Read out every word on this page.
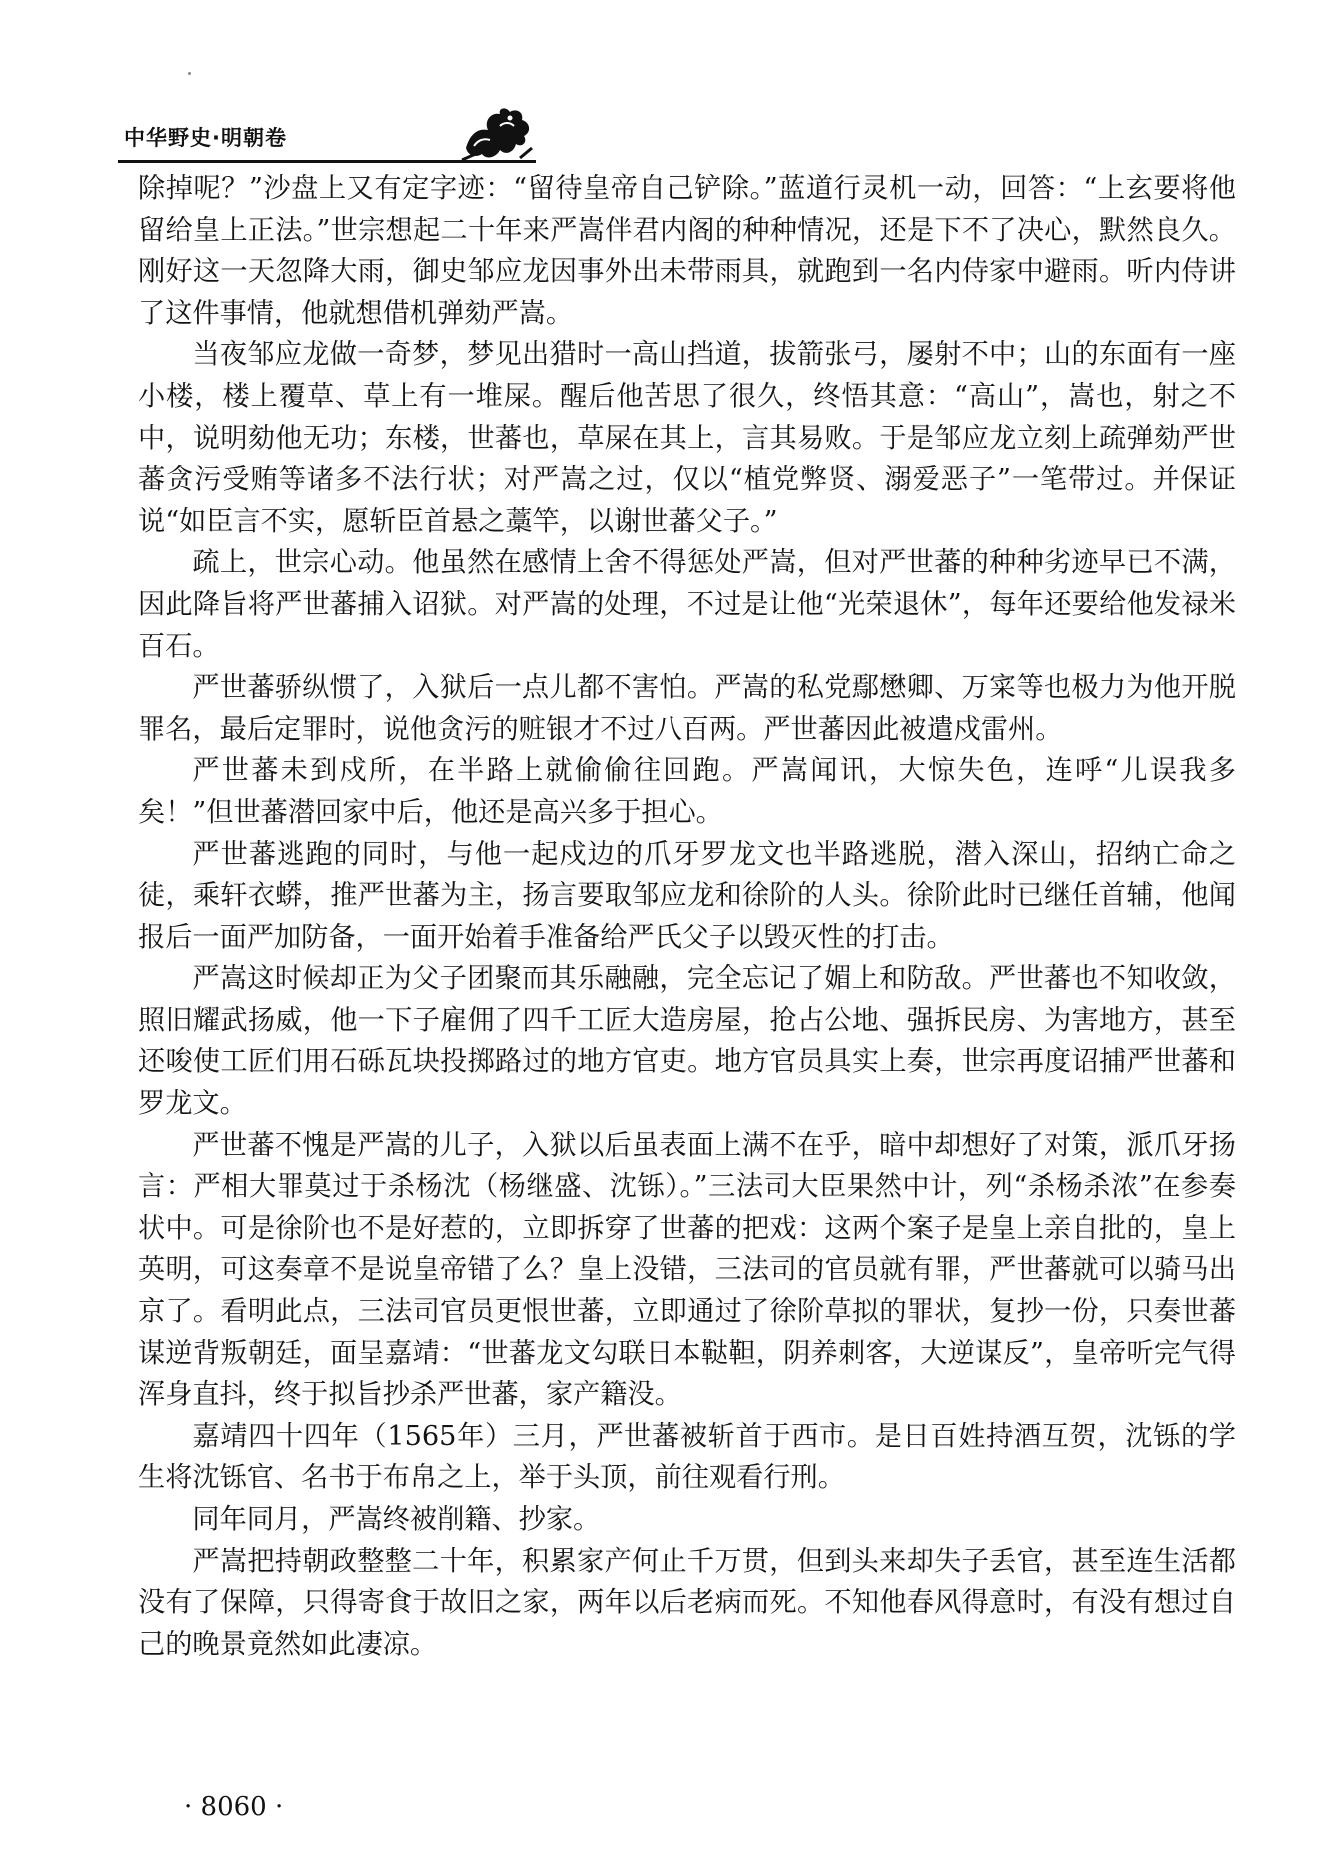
中华野史·明朝卷

除掉呢？”沙盘上又有定字迹：“留待皇帝自己铲除。”蓝道行灵机一动，回答：“上玄要将他留给皇上正法。”世宗想起二十年来严嵩伴君内阁的种种情况，还是下不了决心，默然良久。刚好这一天忽降大雨，御史邹应龙因事外出未带雨具，就跑到一名内侍家中避雨。听内侍讲了这件事情，他就想借机弹劾严嵩。

当夜邹应龙做一奇梦，梦见出猎时一高山挡道，拔箭张弓，屡射不中；山的东面有一座小楼，楼上覆草、草上有一堆屎。醒后他苦思了很久，终悟其意：“高山”，嵩也，射之不中，说明劾他无功；东楼，世蕃也，草屎在其上，言其易败。于是邹应龙立刻上疏弹劾严世蕃贪污受贿等诸多不法行状；对严嵩之过，仅以“植党弊贤、溺爱恶子”一笔带过。并保证说“如臣言不实，愿斩臣首悬之藁竿，以谢世蕃父子。”

疏上，世宗心动。他虽然在感情上舍不得惩处严嵩，但对严世蕃的种种劣迹早已不满，因此降旨将严世蕃捕入诏狱。对严嵩的处理，不过是让他“光荣退休”，每年还要给他发禄米百石。

严世蕃骄纵惯了，入狱后一点儿都不害怕。严嵩的私党鄢懋卿、万寀等也极力为他开脱罪名，最后定罪时，说他贪污的赃银才不过八百两。严世蕃因此被遣戍雷州。

严世蕃未到戍所，在半路上就偷偷往回跑。严嵩闻讯，大惊失色，连呼“儿误我多矣！”但世蕃潜回家中后，他还是高兴多于担心。

严世蕃逃跑的同时，与他一起戍边的爪牙罗龙文也半路逃脱，潜入深山，招纳亡命之徒，乘轩衣蟒，推严世蕃为主，扬言要取邹应龙和徐阶的人头。徐阶此时已继任首辅，他闻报后一面严加防备，一面开始着手准备给严氏父子以毁灭性的打击。

严嵩这时候却正为父子团聚而其乐融融，完全忘记了媚上和防敌。严世蕃也不知收敛，照旧耀武扬威，他一下子雇佣了四千工匠大造房屋，抢占公地、强拆民房、为害地方，甚至还唆使工匠们用石砾瓦块投掷路过的地方官吏。地方官员具实上奏，世宗再度诏捕严世蕃和罗龙文。

严世蕃不愧是严嵩的儿子，入狱以后虽表面上满不在乎，暗中却想好了对策，派爪牙扬言：严相大罪莫过于杀杨沈（杨继盛、沈铄）。”三法司大臣果然中计，列“杀杨杀浓”在参奏状中。可是徐阶也不是好惹的，立即拆穿了世蕃的把戏：这两个案子是皇上亲自批的，皇上英明，可这奏章不是说皇帝错了么？皇上没错，三法司的官员就有罪，严世蕃就可以骑马出京了。看明此点，三法司官员更恨世蕃，立即通过了徐阶草拟的罪状，复抄一份，只奏世蕃谋逆背叛朝廷，面呈嘉靖：“世蕃龙文勾联日本鞑靼，阴养刺客，大逆谋反”，皇帝听完气得浑身直抖，终于拟旨抄杀严世蕃，家产籍没。

嘉靖四十四年（1565年）三月，严世蕃被斩首于西市。是日百姓持酒互贺，沈铄的学生将沈铄官、名书于布帛之上，举于头顶，前往观看行刑。

同年同月，严嵩终被削籍、抄家。

严嵩把持朝政整整二十年，积累家产何止千万贯，但到头来却失子丢官，甚至连生活都没有了保障，只得寄食于故旧之家，两年以后老病而死。不知他春风得意时，有没有想过自己的晚景竟然如此凄凉。

· 8060 ·
